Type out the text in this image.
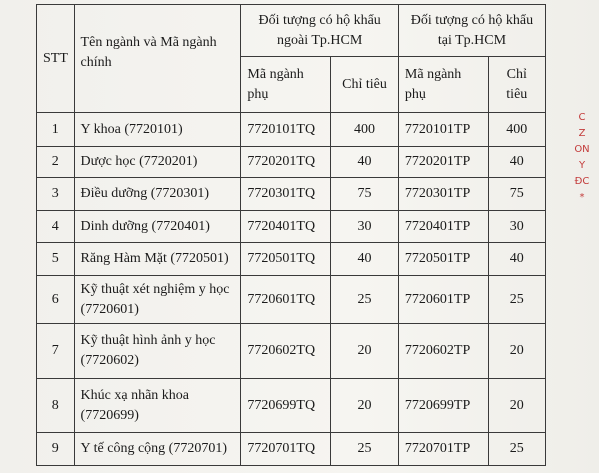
STT	Tên ngành và Mã ngành chính	Đối tượng có hộ khẩu ngoài Tp.HCM		Đối tượng có hộ khẩu tại Tp.HCM	
		Mã ngành phụ	Chỉ tiêu	Mã ngành phụ	Chỉ tiêu
1	Y khoa (7720101)	7720101TQ	400	7720101TP	400
2	Dược học (7720201)	7720201TQ	40	7720201TP	40
3	Điều dưỡng (7720301)	7720301TQ	75	7720301TP	75
4	Dinh dưỡng (7720401)	7720401TQ	30	7720401TP	30
5	Răng Hàm Mặt (7720501)	7720501TQ	40	7720501TP	40
6	Kỹ thuật xét nghiệm y học (7720601)	7720601TQ	25	7720601TP	25
7	Kỹ thuật hình ảnh y học (7720602)	7720602TQ	20	7720602TP	20
8	Khúc xạ nhãn khoa (7720699)	7720699TQ	20	7720699TP	20
9	Y tế công cộng (7720701)	7720701TQ	25	7720701TP	25
C
Z
ON
Y
ĐC
*
